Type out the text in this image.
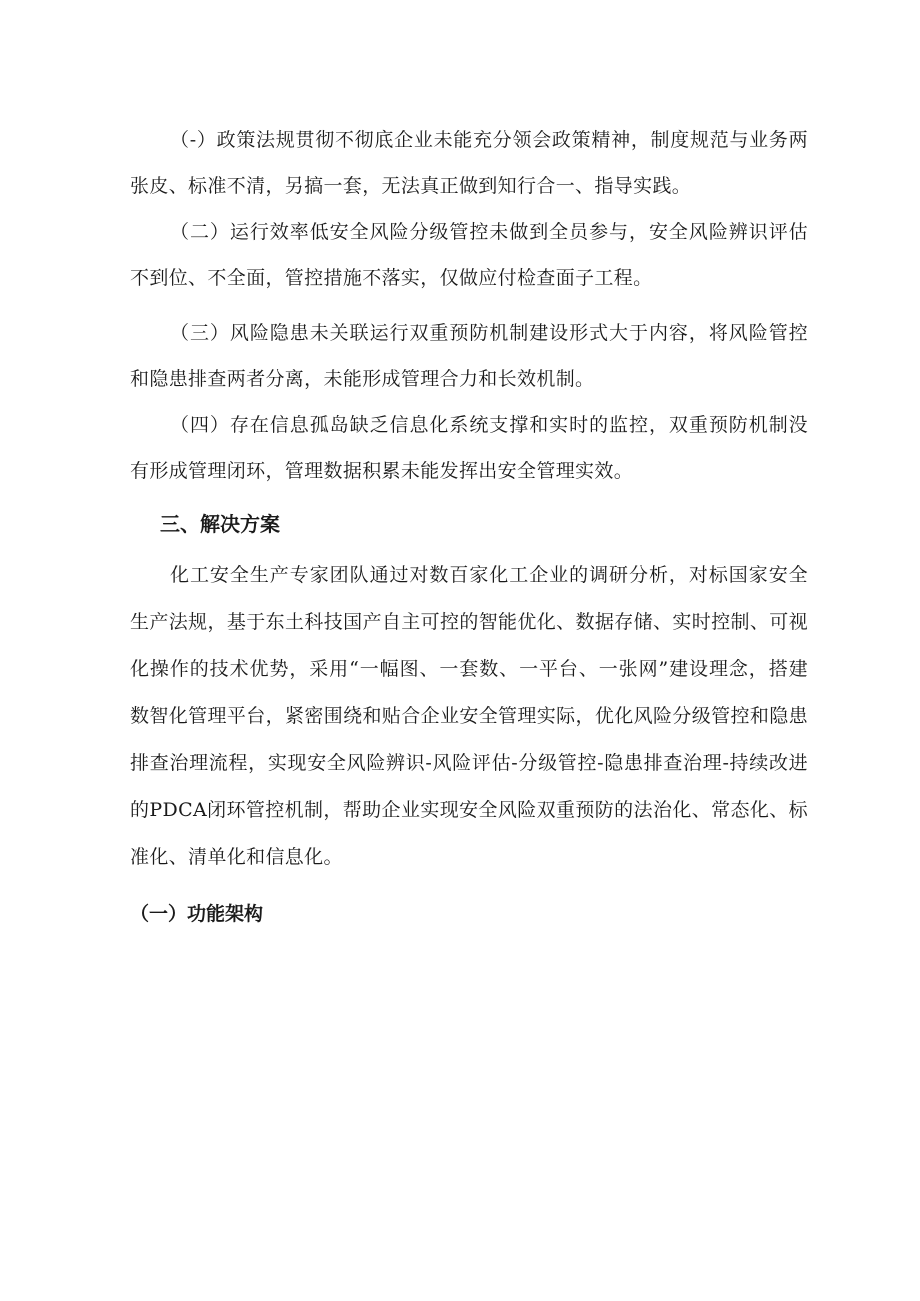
（-）政策法规贯彻不彻底企业未能充分领会政策精神，制度规范与业务两张皮、标准不清，另搞一套，无法真正做到知行合一、指导实践。

（二）运行效率低安全风险分级管控未做到全员参与，安全风险辨识评估不到位、不全面，管控措施不落实，仅做应付检查面子工程。

（三）风险隐患未关联运行双重预防机制建设形式大于内容，将风险管控和隐患排查两者分离，未能形成管理合力和长效机制。

（四）存在信息孤岛缺乏信息化系统支撑和实时的监控，双重预防机制没有形成管理闭环，管理数据积累未能发挥出安全管理实效。

三、解决方案

化工安全生产专家团队通过对数百家化工企业的调研分析，对标国家安全生产法规，基于东土科技国产自主可控的智能优化、数据存储、实时控制、可视化操作的技术优势，采用“一幅图、一套数、一平台、一张网”建设理念，搭建数智化管理平台，紧密围绕和贴合企业安全管理实际，优化风险分级管控和隐患排查治理流程，实现安全风险辨识-风险评估-分级管控-隐患排查治理-持续改进的PDCA闭环管控机制，帮助企业实现安全风险双重预防的法治化、常态化、标准化、清单化和信息化。

（一）功能架构
